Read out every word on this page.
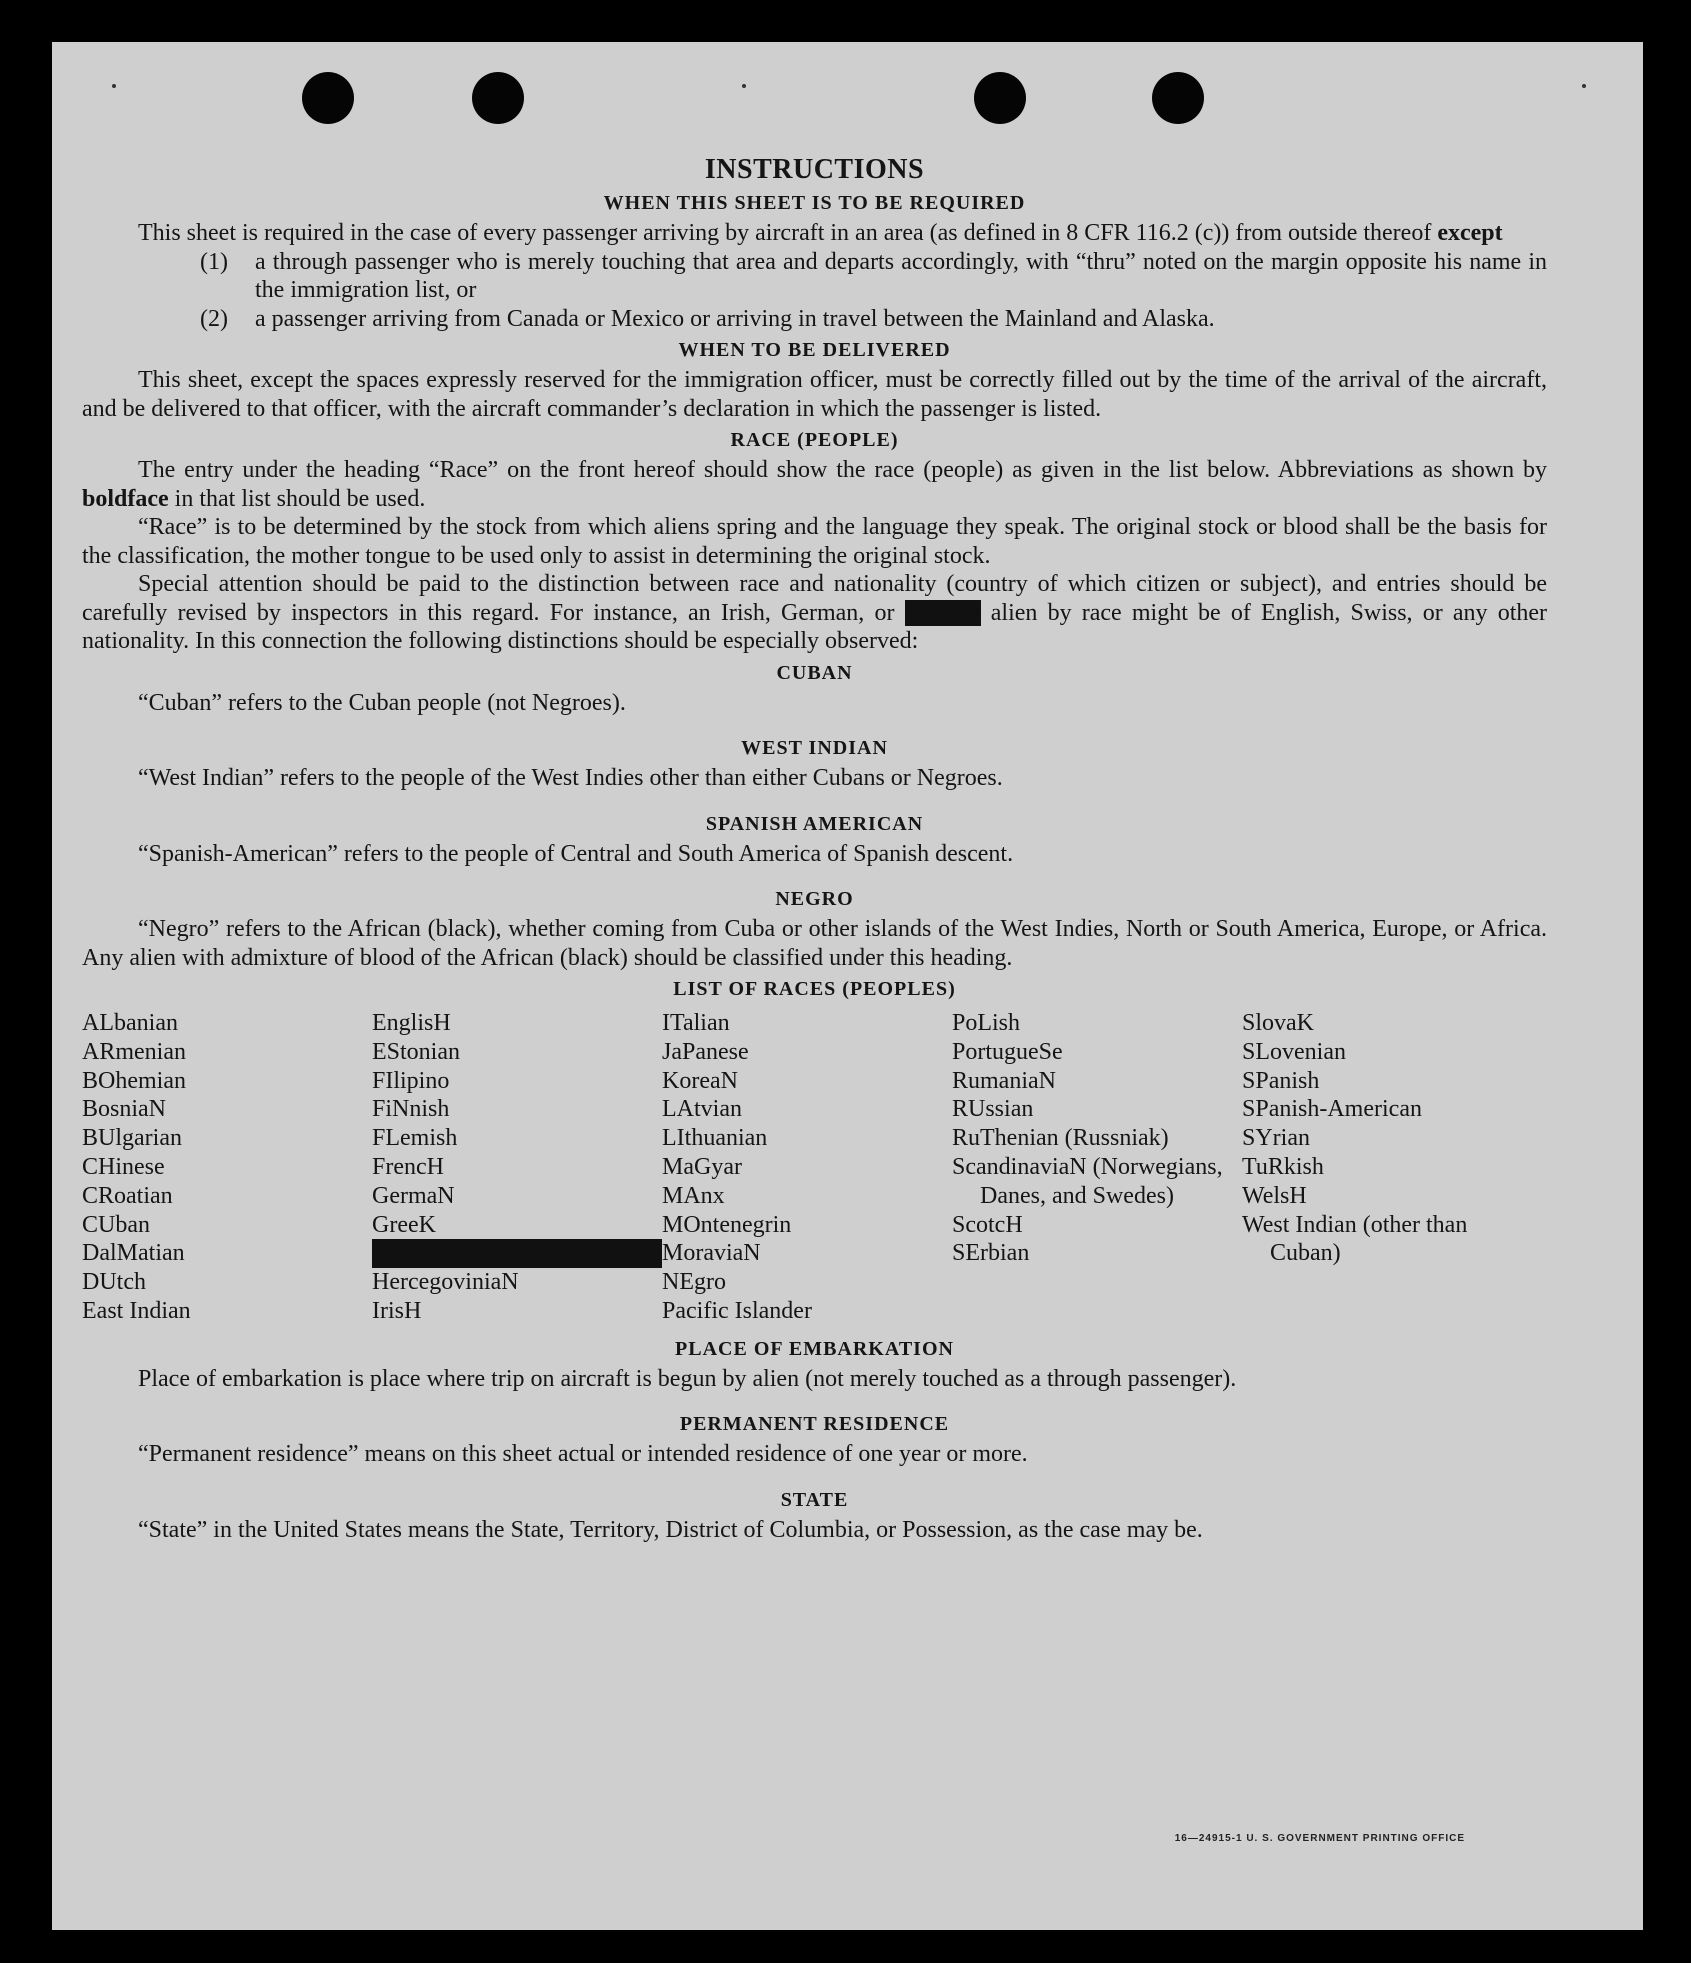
INSTRUCTIONS
WHEN THIS SHEET IS TO BE REQUIRED

This sheet is required in the case of every passenger arriving by aircraft in an area (as defined in 8 CFR 116.2 (c)) from outside thereof except

(1)	a through passenger who is merely touching that area and departs accordingly, with “thru” noted on the margin opposite his name in the immigration list, or
(2)	a passenger arriving from Canada or Mexico or arriving in travel between the Mainland and Alaska.
WHEN TO BE DELIVERED

This sheet, except the spaces expressly reserved for the immigration officer, must be correctly filled out by the time of the arrival of the aircraft, and be delivered to that officer, with the aircraft commander’s declaration in which the passenger is listed.

RACE (PEOPLE)

The entry under the heading “Race” on the front hereof should show the race (people) as given in the list below. Abbreviations as shown by boldface in that list should be used.

“Race” is to be determined by the stock from which aliens spring and the language they speak. The original stock or blood shall be the basis for the classification, the mother tongue to be used only to assist in determining the original stock.

Special attention should be paid to the distinction between race and nationality (country of which citizen or subject), and entries should be carefully revised by inspectors in this regard. For instance, an Irish, German, or Hebrew alien by race might be of English, Swiss, or any other nationality. In this connection the following distinctions should be especially observed:

CUBAN

“Cuban” refers to the Cuban people (not Negroes).

WEST INDIAN

“West Indian” refers to the people of the West Indies other than either Cubans or Negroes.

SPANISH AMERICAN

“Spanish-American” refers to the people of Central and South America of Spanish descent.

NEGRO

“Negro” refers to the African (black), whether coming from Cuba or other islands of the West Indies, North or South America, Europe, or Africa. Any alien with admixture of blood of the African (black) should be classified under this heading.

LIST OF RACES (PEOPLES)
ALbanian
ARmenian
BOhemian
BosniaN
BUlgarian
CHinese
CRoatian
CUban
DalMatian
DUtch
East Indian
EnglisH
EStonian
FIlipino
FiNnish
FLemish
FrencH
GermaN
GreeK
HebreW
HercegoviniaN
IrisH
ITalian
JaPanese
KoreaN
LAtvian
LIthuanian
MaGyar
MAnx
MOntenegrin
MoraviaN
NEgro
Pacific Islander
PoLish
PortugueSe
RumaniaN
RUssian
RuThenian (Russniak)
ScandinaviaN (Norwegians, Danes, and Swedes)
ScotcH
SErbian
SlovaK
SLovenian
SPanish
SPanish-American
SYrian
TuRkish
WelsH
West Indian (other than Cuban)
PLACE OF EMBARKATION

Place of embarkation is place where trip on aircraft is begun by alien (not merely touched as a through passenger).

PERMANENT RESIDENCE

“Permanent residence” means on this sheet actual or intended residence of one year or more.

STATE

“State” in the United States means the State, Territory, District of Columbia, or Possession, as the case may be.

16—24915-1 U. S. GOVERNMENT PRINTING OFFICE
